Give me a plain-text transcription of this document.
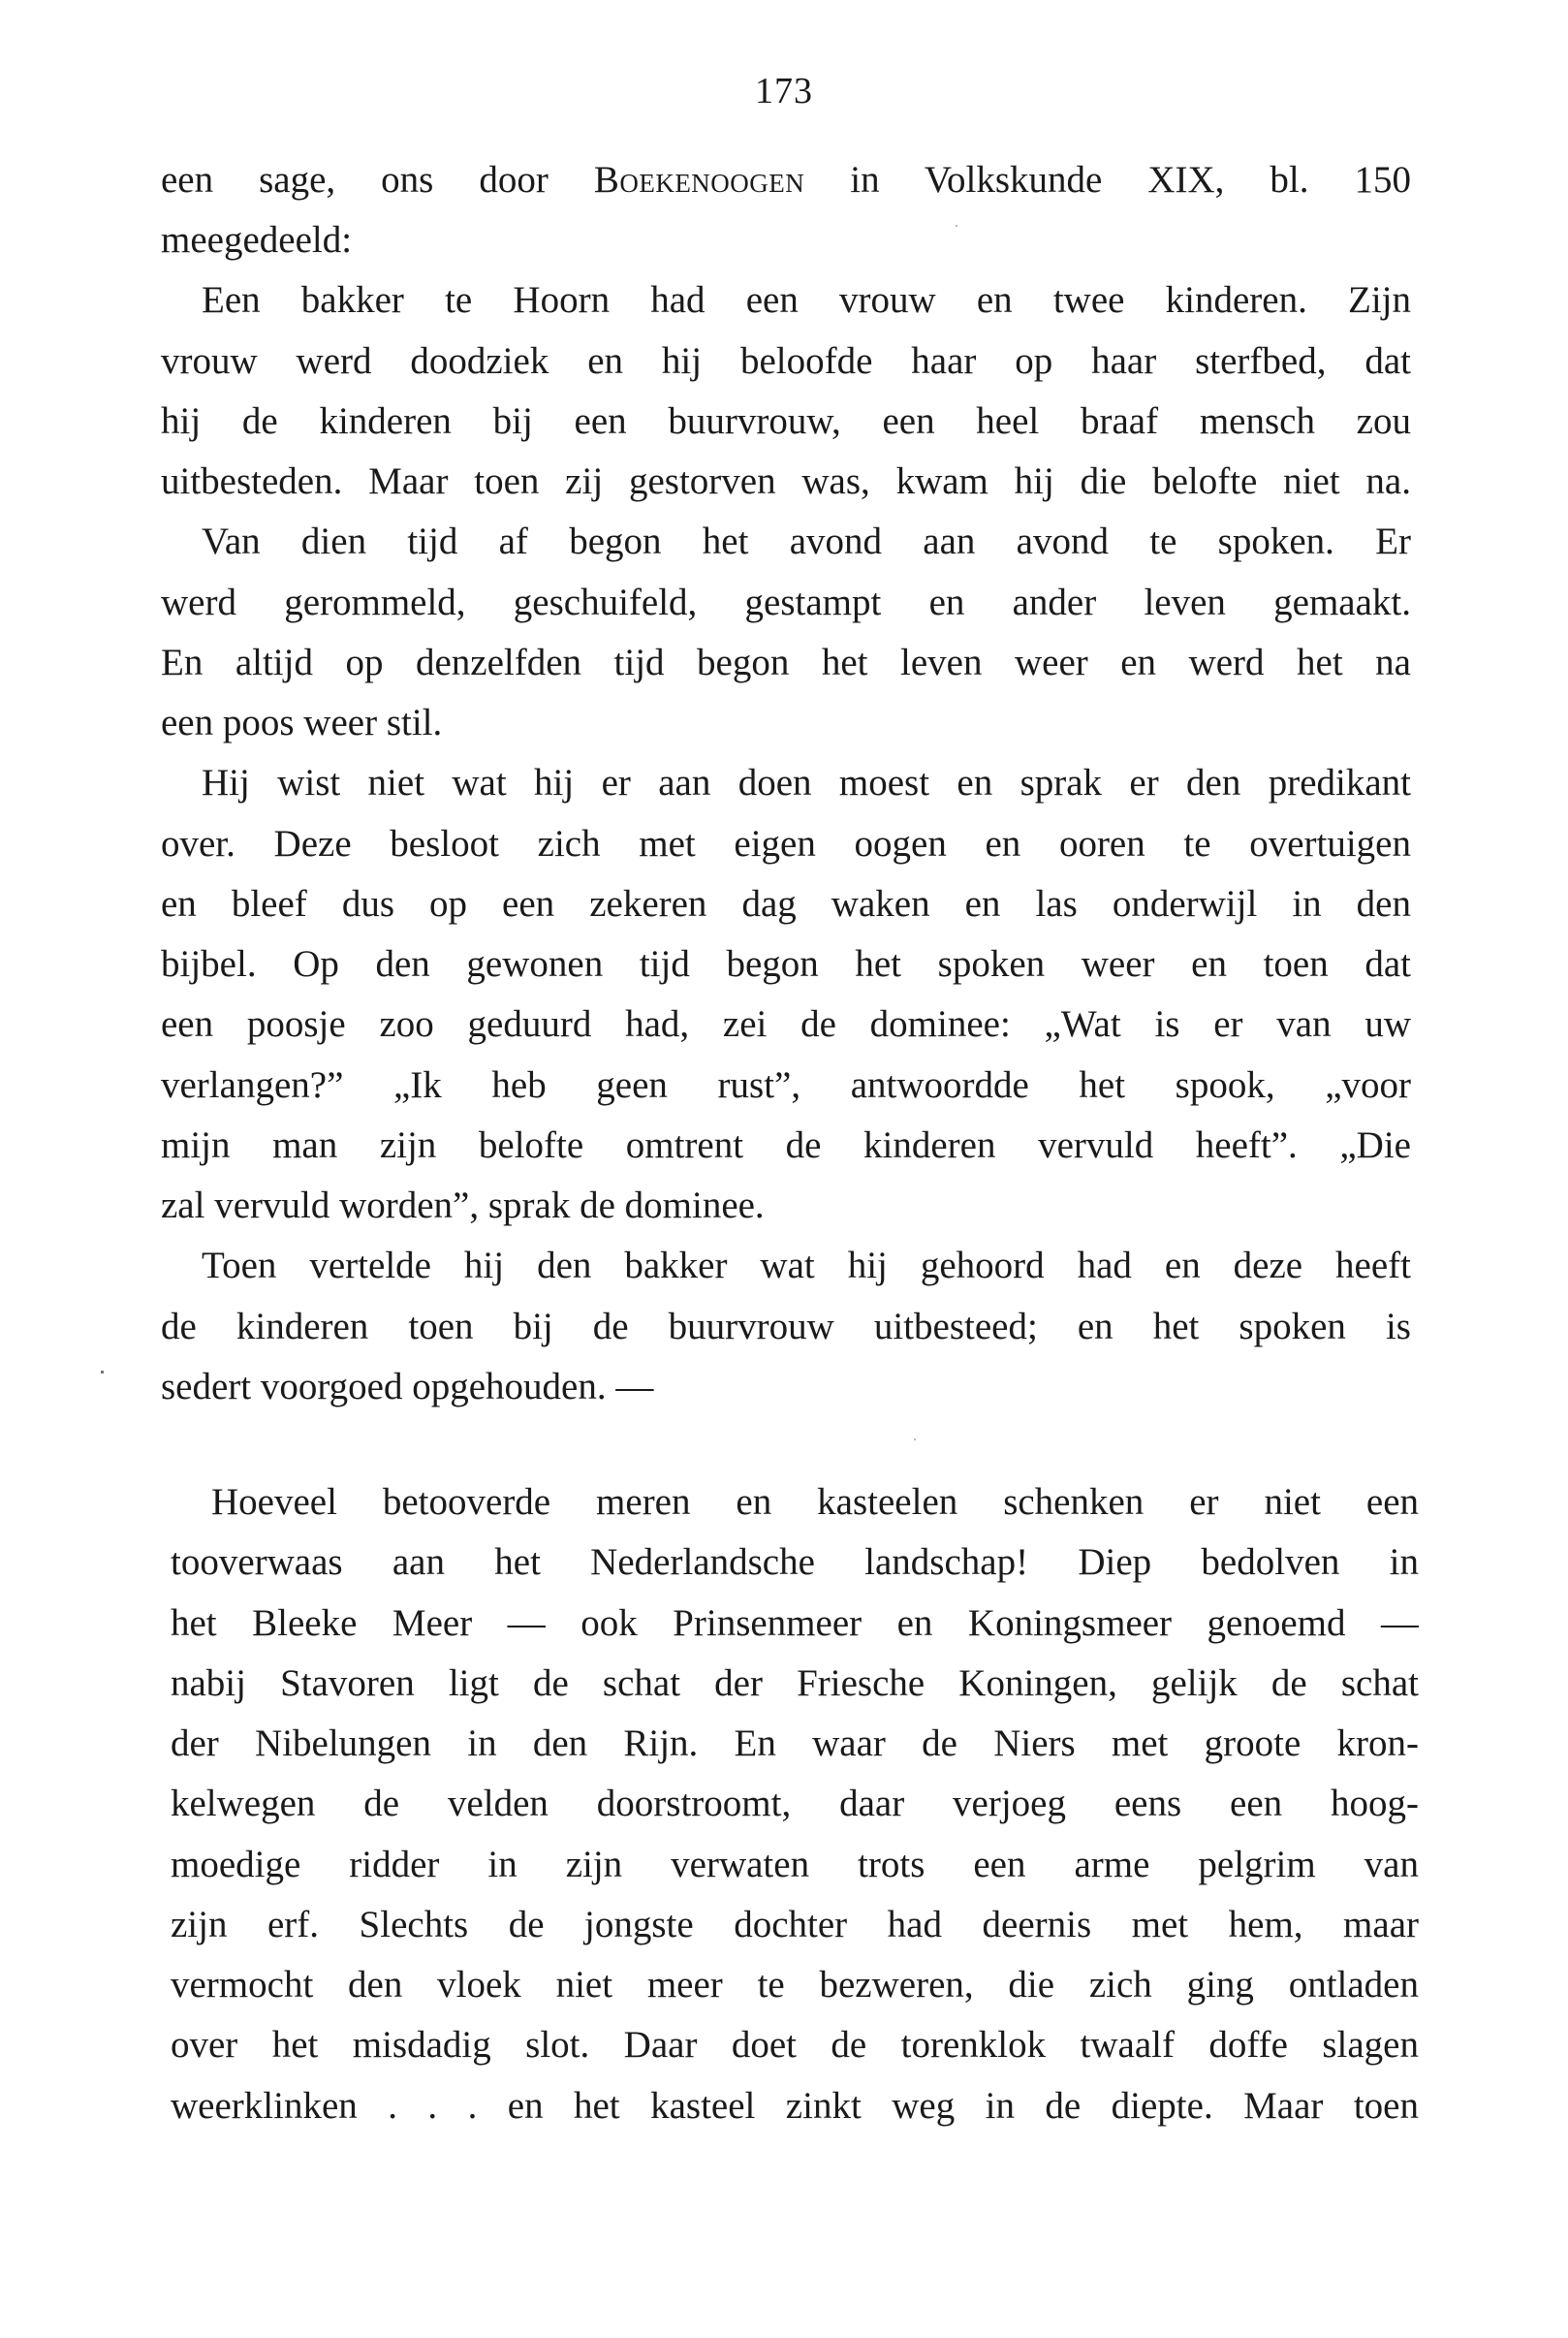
173
een sage, ons door Boekenoogen in Volkskunde XIX, bl. 150
meegedeeld:
Een bakker te Hoorn had een vrouw en twee kinderen. Zijn
vrouw werd doodziek en hij beloofde haar op haar sterfbed, dat
hij de kinderen bij een buurvrouw, een heel braaf mensch zou
uitbesteden. Maar toen zij gestorven was, kwam hij die belofte niet na.
Van dien tijd af begon het avond aan avond te spoken. Er
werd gerommeld, geschuifeld, gestampt en ander leven gemaakt.
En altijd op denzelfden tijd begon het leven weer en werd het na
een poos weer stil.
Hij wist niet wat hij er aan doen moest en sprak er den predikant
over. Deze besloot zich met eigen oogen en ooren te overtuigen
en bleef dus op een zekeren dag waken en las onderwijl in den
bijbel. Op den gewonen tijd begon het spoken weer en toen dat
een poosje zoo geduurd had, zei de dominee: „Wat is er van uw
verlangen?” „Ik heb geen rust”, antwoordde het spook, „voor
mijn man zijn belofte omtrent de kinderen vervuld heeft”. „Die
zal vervuld worden”, sprak de dominee.
Toen vertelde hij den bakker wat hij gehoord had en deze heeft
de kinderen toen bij de buurvrouw uitbesteed; en het spoken is
sedert voorgoed opgehouden. —
Hoeveel betooverde meren en kasteelen schenken er niet een
tooverwaas aan het Nederlandsche landschap! Diep bedolven in
het Bleeke Meer — ook Prinsenmeer en Koningsmeer genoemd —
nabij Stavoren ligt de schat der Friesche Koningen, gelijk de schat
der Nibelungen in den Rijn. En waar de Niers met groote kron-
kelwegen de velden doorstroomt, daar verjoeg eens een hoog-
moedige ridder in zijn verwaten trots een arme pelgrim van
zijn erf. Slechts de jongste dochter had deernis met hem, maar
vermocht den vloek niet meer te bezweren, die zich ging ontladen
over het misdadig slot. Daar doet de torenklok twaalf doffe slagen
weerklinken . . . en het kasteel zinkt weg in de diepte. Maar toen
